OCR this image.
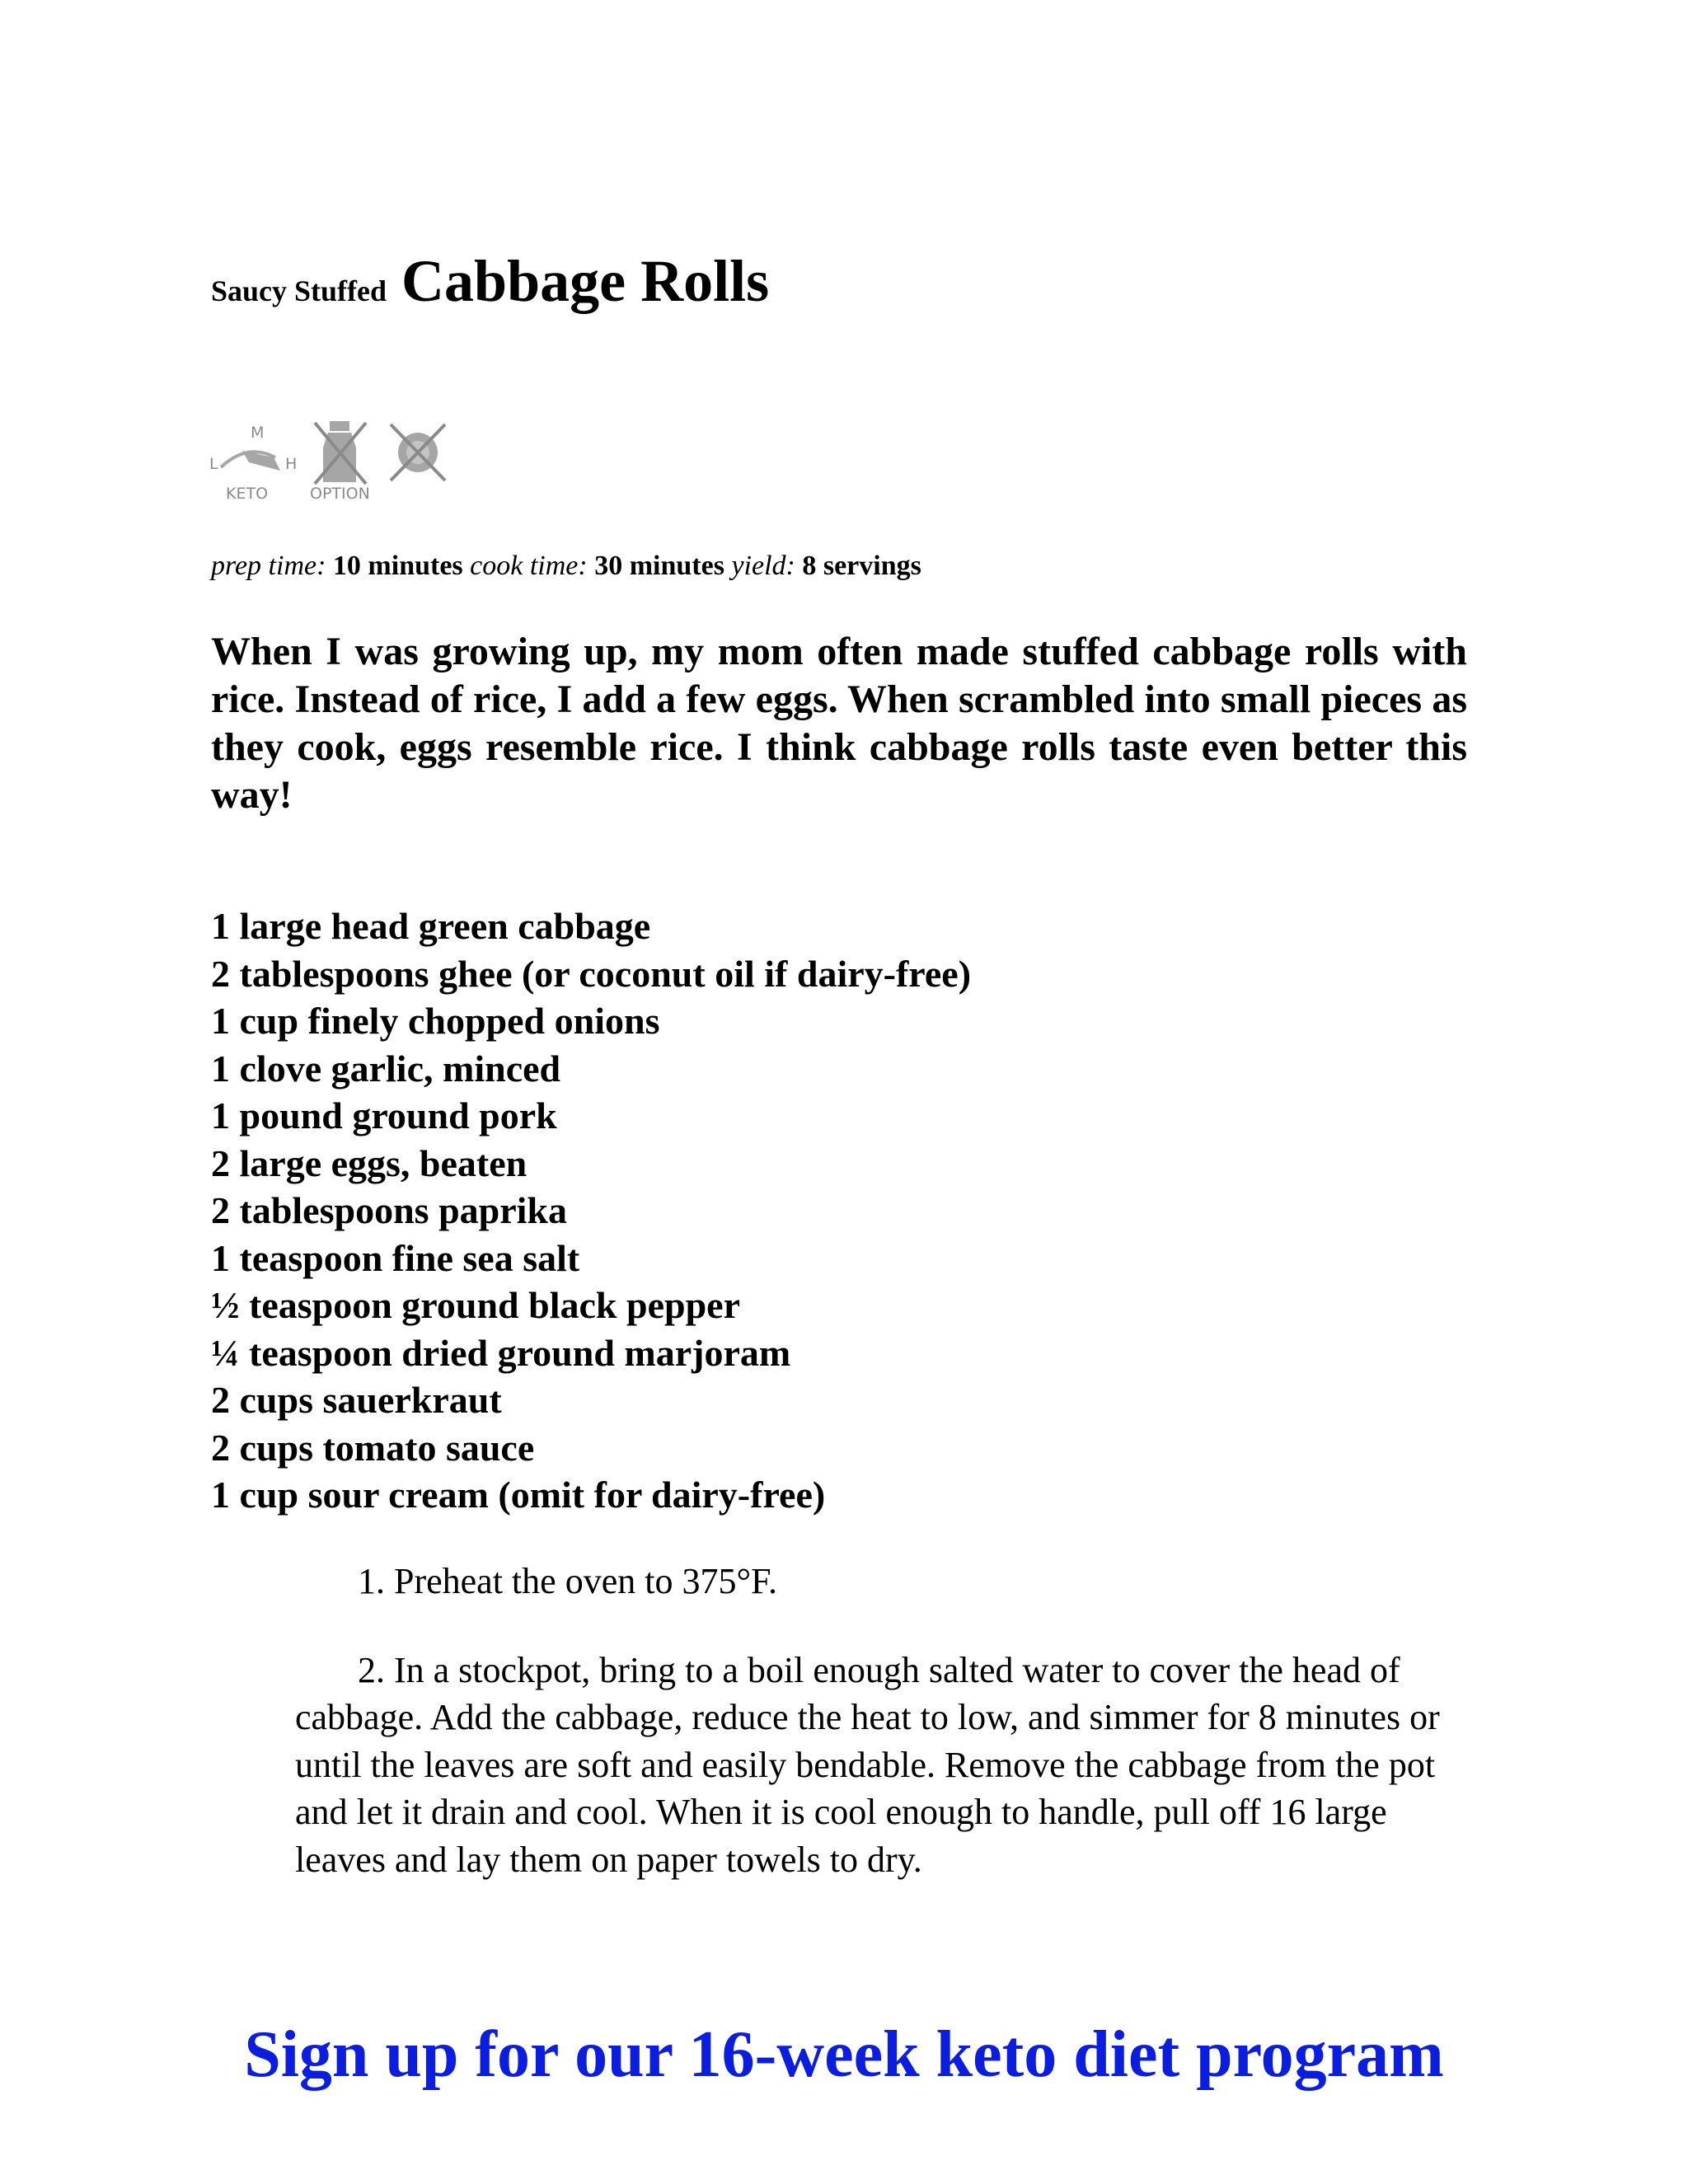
Saucy Stuffed Cabbage Rolls
M
L	H
KETO	OPTION
prep time: 10 minutes cook time: 30 minutes yield: 8 servings

When I was growing up, my mom often made stuffed cabbage rolls with rice. Instead of rice, I add a few eggs. When scrambled into small pieces as they cook, eggs resemble rice. I think cabbage rolls taste even better this way!

1 large head green cabbage
2 tablespoons ghee (or coconut oil if dairy-free)
1 cup finely chopped onions
1 clove garlic, minced
1 pound ground pork
2 large eggs, beaten
2 tablespoons paprika
1 teaspoon fine sea salt
½ teaspoon ground black pepper
¼ teaspoon dried ground marjoram
2 cups sauerkraut
2 cups tomato sauce
1 cup sour cream (omit for dairy-free)

1. Preheat the oven to 375°F.

2. In a stockpot, bring to a boil enough salted water to cover the head of cabbage. Add the cabbage, reduce the heat to low, and simmer for 8 minutes or until the leaves are soft and easily bendable. Remove the cabbage from the pot and let it drain and cool. When it is cool enough to handle, pull off 16 large leaves and lay them on paper towels to dry.

Sign up for our 16-week keto diet program
